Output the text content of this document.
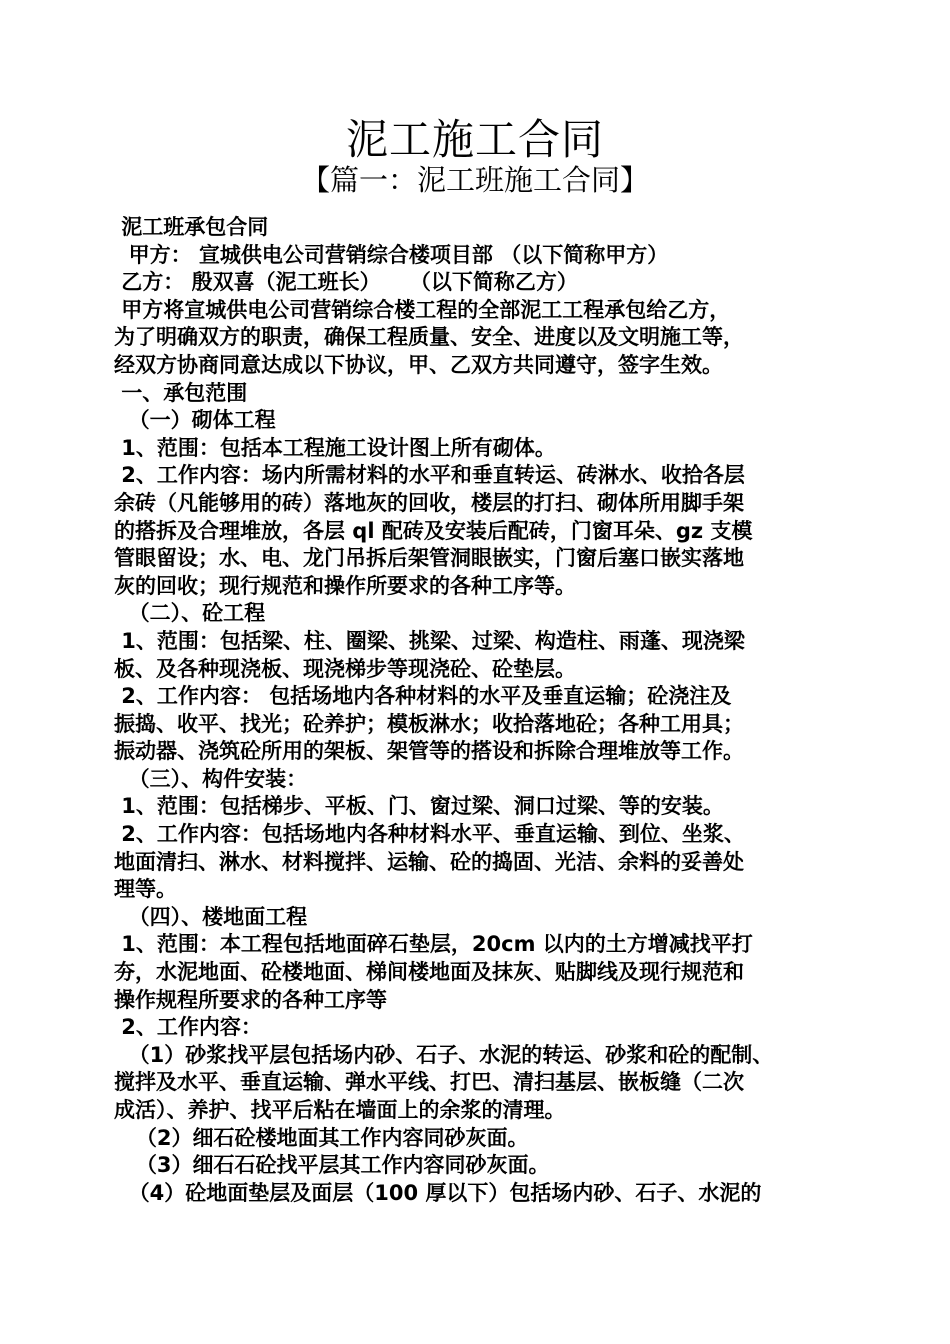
泥工施工合同
【篇一：泥工班施工合同】
泥工班承包合同
甲方： 宣城供电公司营销综合楼项目部 （以下简称甲方）
乙方： 殷双喜（泥工班长）    （以下简称乙方）
甲方将宣城供电公司营销综合楼工程的全部泥工工程承包给乙方，
为了明确双方的职责，确保工程质量、安全、进度以及文明施工等，
经双方协商同意达成以下协议，甲、乙双方共同遵守，签字生效。
一、承包范围
（一）砌体工程
1、范围：包括本工程施工设计图上所有砌体。
2、工作内容：场内所需材料的水平和垂直转运、砖淋水、收拾各层
余砖（凡能够用的砖）落地灰的回收，楼层的打扫、砌体所用脚手架
的搭拆及合理堆放，各层 ql 配砖及安装后配砖，门窗耳朵、gz 支模
管眼留设；水、电、龙门吊拆后架管洞眼嵌实，门窗后塞口嵌实落地
灰的回收；现行规范和操作所要求的各种工序等。
（二）、砼工程
1、范围：包括梁、柱、圈梁、挑梁、过梁、构造柱、雨蓬、现浇梁
板、及各种现浇板、现浇梯步等现浇砼、砼垫层。
2、工作内容： 包括场地内各种材料的水平及垂直运输；砼浇注及
振捣、收平、找光；砼养护；模板淋水；收拾落地砼；各种工用具；
振动器、浇筑砼所用的架板、架管等的搭设和拆除合理堆放等工作。
（三）、构件安装：
1、范围：包括梯步、平板、门、窗过梁、洞口过梁、等的安装。
2、工作内容：包括场地内各种材料水平、垂直运输、到位、坐浆、
地面清扫、淋水、材料搅拌、运输、砼的捣固、光洁、余料的妥善处
理等。
（四）、楼地面工程
1、范围：本工程包括地面碎石垫层，20cm 以内的土方增减找平打
夯，水泥地面、砼楼地面、梯间楼地面及抹灰、贴脚线及现行规范和
操作规程所要求的各种工序等
2、工作内容：
（1）砂浆找平层包括场内砂、石子、水泥的转运、砂浆和砼的配制、
搅拌及水平、垂直运输、弹水平线、打巴、清扫基层、嵌板缝（二次
成活）、养护、找平后粘在墙面上的余浆的清理。
（2）细石砼楼地面其工作内容同砂灰面。
（3）细石石砼找平层其工作内容同砂灰面。
（4）砼地面垫层及面层（100 厚以下）包括场内砂、石子、水泥的
